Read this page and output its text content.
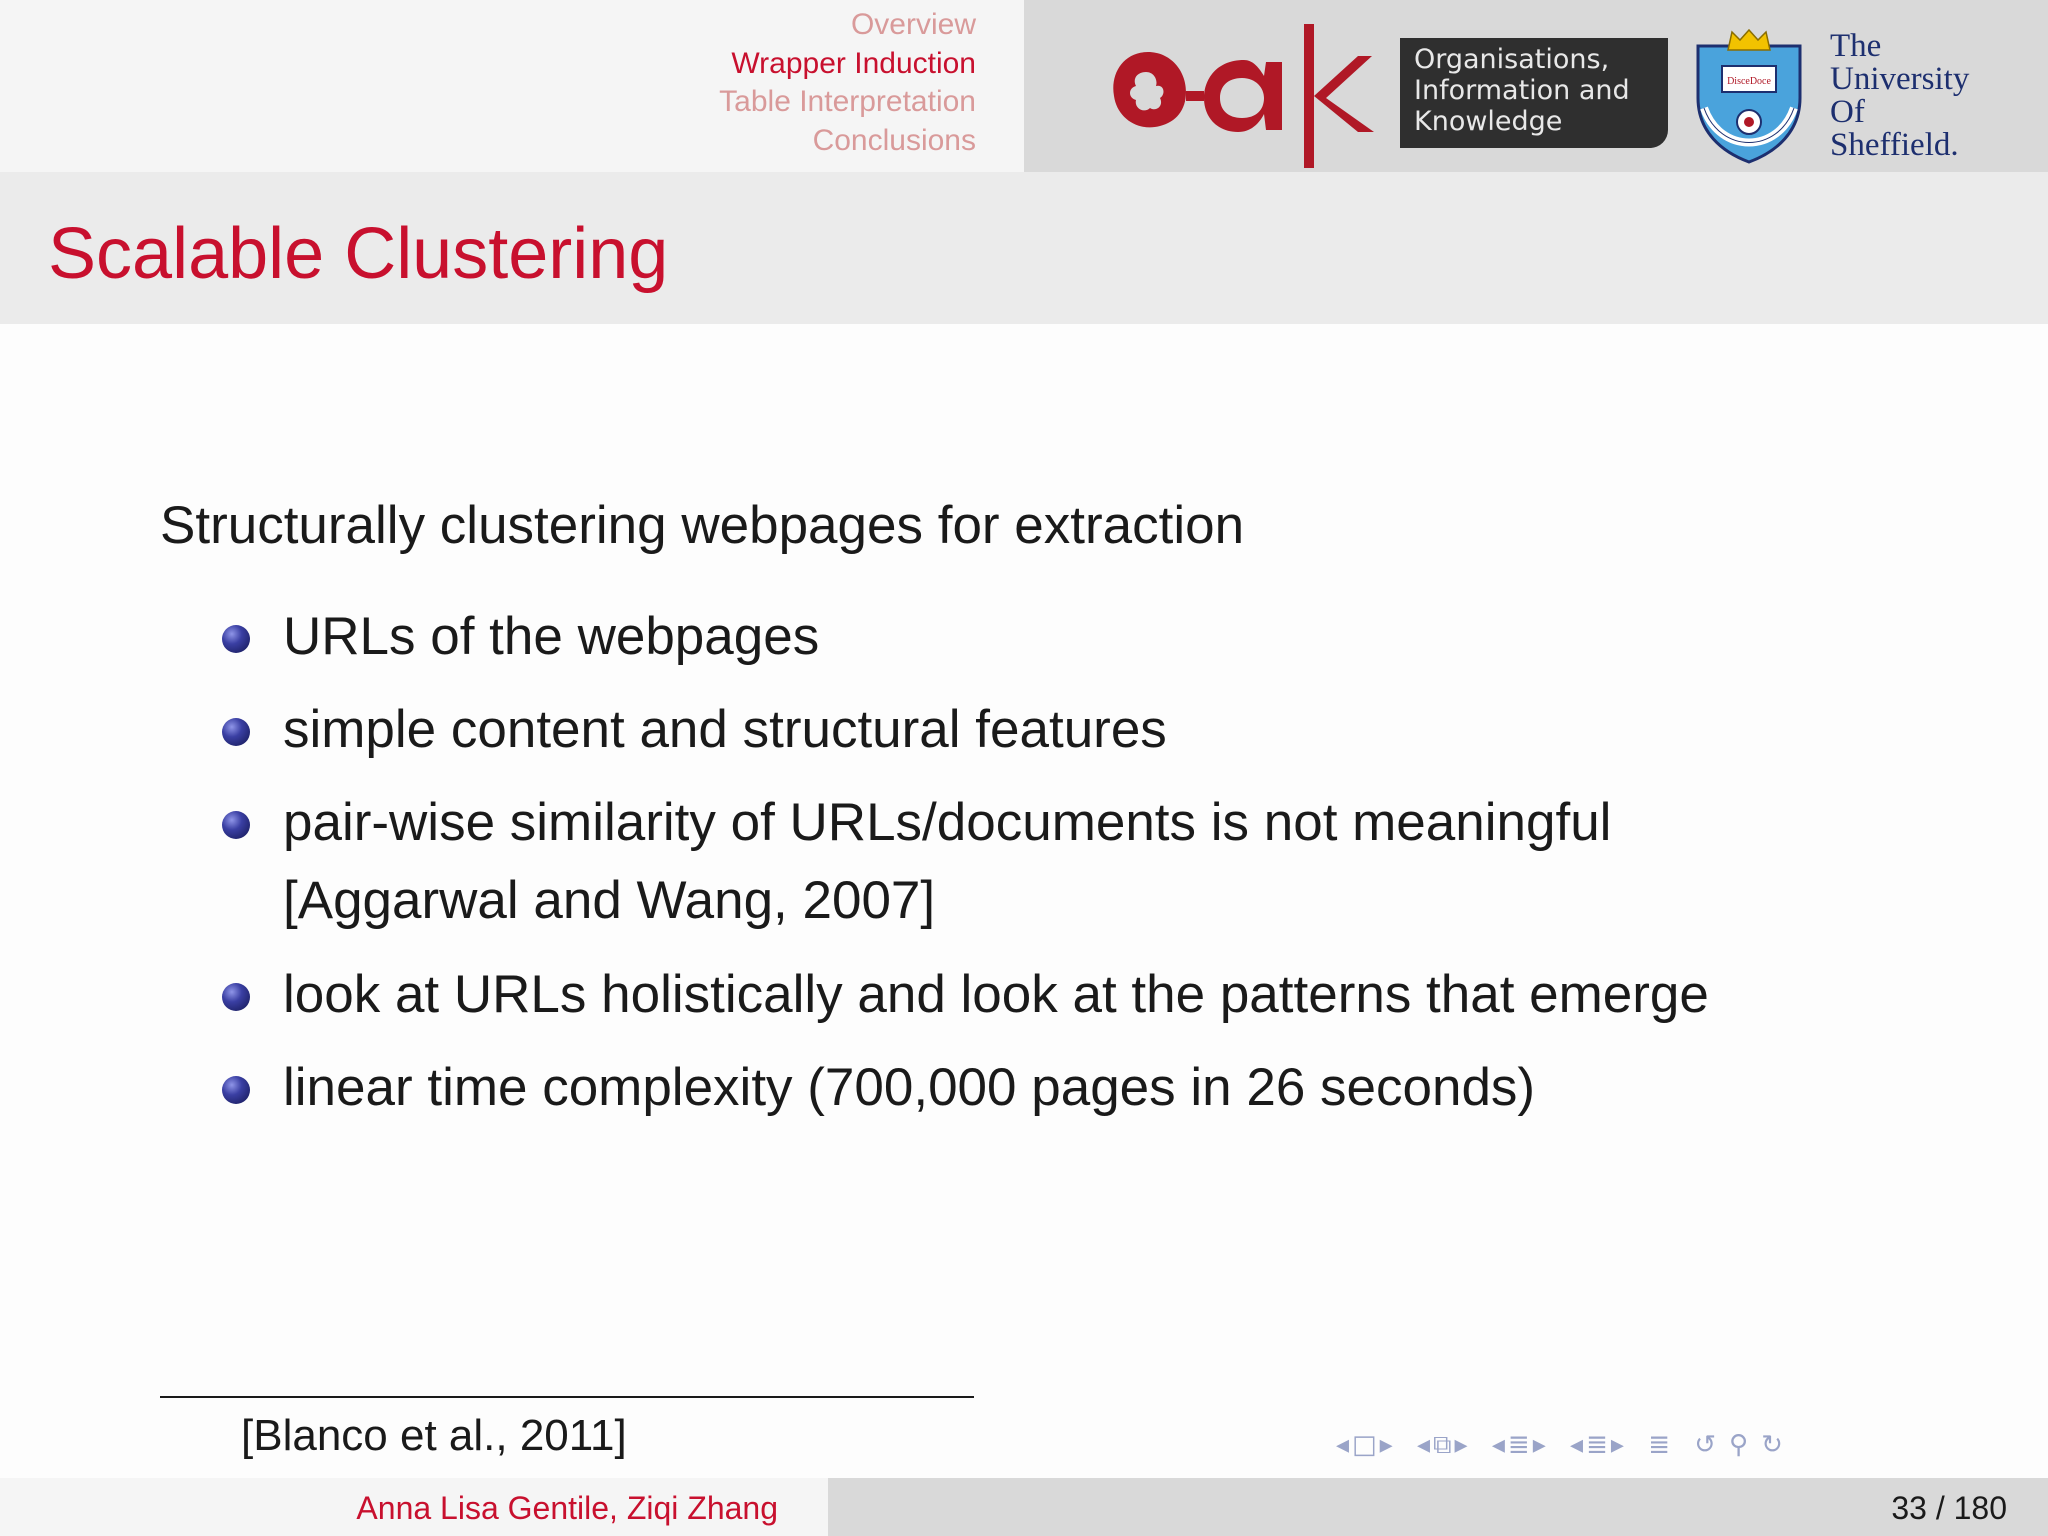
Overview
Wrapper Induction
Table Interpretation
Conclusions
Organisations,
Information and
Knowledge
DisceDoce
The
University
Of
Sheffield.
Scalable Clustering
Structurally clustering webpages for extraction
URLs of the webpages
simple content and structural features
pair-wise similarity of URLs/documents is not meaningful
[Aggarwal and Wang, 2007]
look at URLs holistically and look at the patterns that emerge
linear time complexity (700,000 pages in 26 seconds)
[Blanco et al., 2011]	◂□▸ ◂⧉▸ ◂≣▸ ◂≣▸ ≣ ↺ ⚲ ↻
Anna Lisa Gentile, Ziqi Zhang	33 / 180
